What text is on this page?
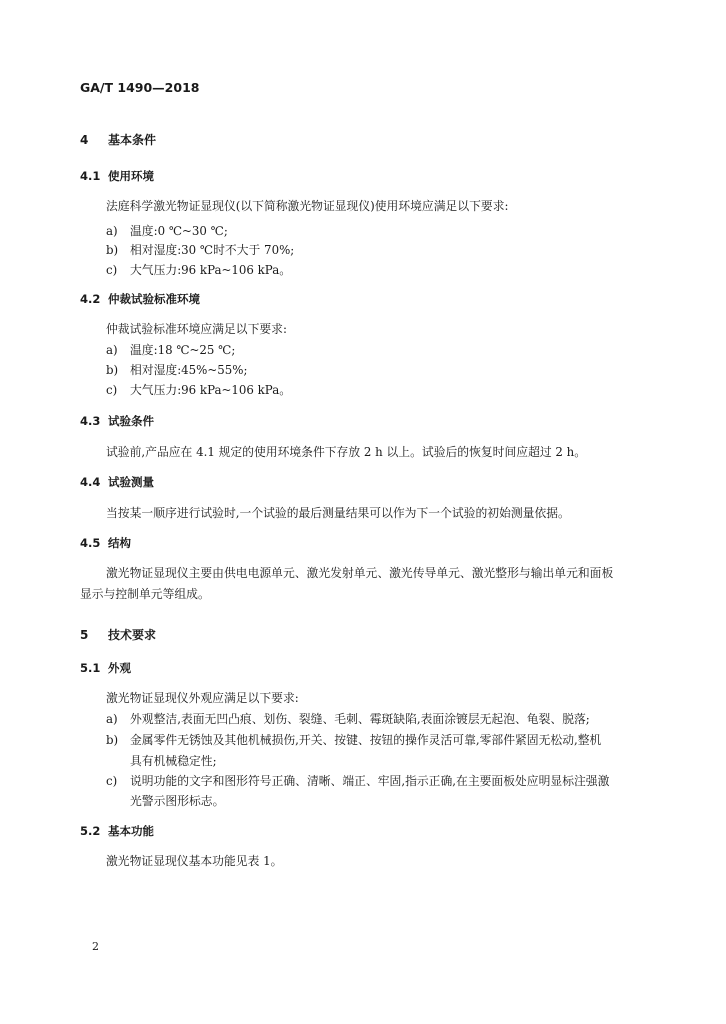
GA/T 1490—2018
4 基本条件
4.1 使用环境
法庭科学激光物证显现仪(以下简称激光物证显现仪)使用环境应满足以下要求:
a) 温度:0 ℃~30 ℃;
b) 相对湿度:30 ℃时不大于 70%;
c) 大气压力:96 kPa~106 kPa。
4.2 仲裁试验标准环境
仲裁试验标准环境应满足以下要求:
a) 温度:18 ℃~25 ℃;
b) 相对湿度:45%~55%;
c) 大气压力:96 kPa~106 kPa。
4.3 试验条件
试验前,产品应在 4.1 规定的使用环境条件下存放 2 h 以上。试验后的恢复时间应超过 2 h。
4.4 试验测量
当按某一顺序进行试验时,一个试验的最后测量结果可以作为下一个试验的初始测量依据。
4.5 结构
激光物证显现仪主要由供电电源单元、激光发射单元、激光传导单元、激光整形与输出单元和面板
显示与控制单元等组成。
5 技术要求
5.1 外观
激光物证显现仪外观应满足以下要求:
a) 外观整洁,表面无凹凸痕、划伤、裂缝、毛刺、霉斑缺陷,表面涂镀层无起泡、龟裂、脱落;
b) 金属零件无锈蚀及其他机械损伤,开关、按键、按钮的操作灵活可靠,零部件紧固无松动,整机
具有机械稳定性;
c) 说明功能的文字和图形符号正确、清晰、端正、牢固,指示正确,在主要面板处应明显标注强激
光警示图形标志。
5.2 基本功能
激光物证显现仪基本功能见表 1。
2
